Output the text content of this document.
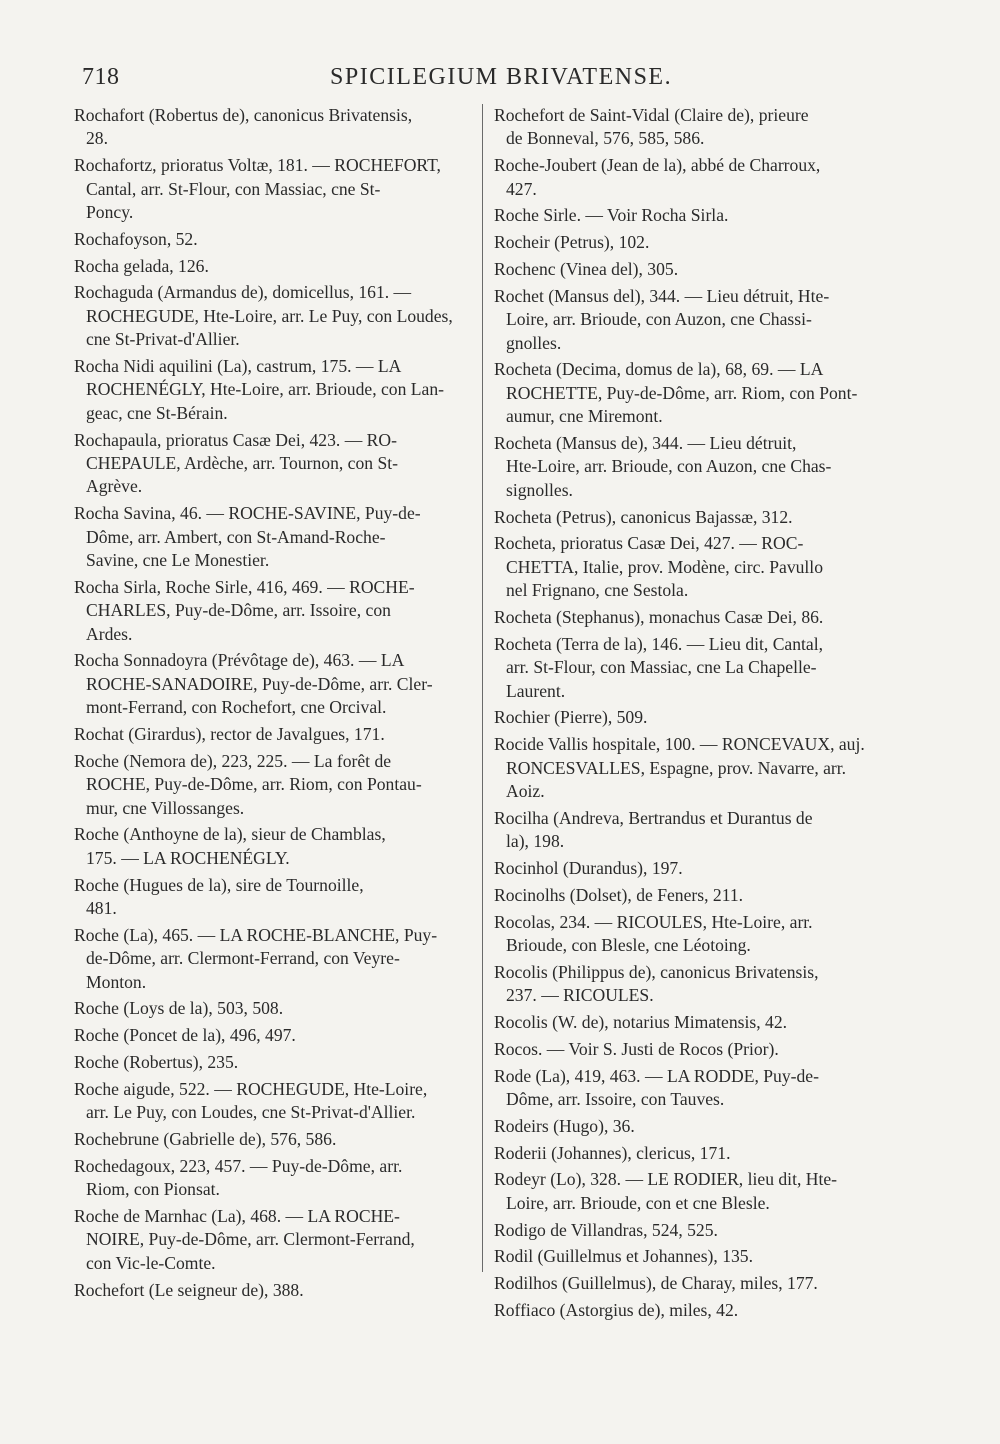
718	SPICILEGIUM BRIVATENSE.
Rochafort (Robertus de), canonicus Brivatensis,
28.
Rochafortz, prioratus Voltæ, 181. — ROCHEFORT,
Cantal, arr. St-Flour, con Massiac, cne St-
Poncy.
Rochafoyson, 52.
Rocha gelada, 126.
Rochaguda (Armandus de), domicellus, 161. —
ROCHEGUDE, Hte-Loire, arr. Le Puy, con Loudes,
cne St-Privat-d'Allier.
Rocha Nidi aquilini (La), castrum, 175. — LA
ROCHENÉGLY, Hte-Loire, arr. Brioude, con Lan-
geac, cne St-Bérain.
Rochapaula, prioratus Casæ Dei, 423. — RO-
CHEPAULE, Ardèche, arr. Tournon, con St-
Agrève.
Rocha Savina, 46. — ROCHE-SAVINE, Puy-de-
Dôme, arr. Ambert, con St-Amand-Roche-
Savine, cne Le Monestier.
Rocha Sirla, Roche Sirle, 416, 469. — ROCHE-
CHARLES, Puy-de-Dôme, arr. Issoire, con
Ardes.
Rocha Sonnadoyra (Prévôtage de), 463. — LA
ROCHE-SANADOIRE, Puy-de-Dôme, arr. Cler-
mont-Ferrand, con Rochefort, cne Orcival.
Rochat (Girardus), rector de Javalgues, 171.
Roche (Nemora de), 223, 225. — La forêt de
ROCHE, Puy-de-Dôme, arr. Riom, con Pontau-
mur, cne Villossanges.
Roche (Anthoyne de la), sieur de Chamblas,
175. — LA ROCHENÉGLY.
Roche (Hugues de la), sire de Tournoille,
481.
Roche (La), 465. — LA ROCHE-BLANCHE, Puy-
de-Dôme, arr. Clermont-Ferrand, con Veyre-
Monton.
Roche (Loys de la), 503, 508.
Roche (Poncet de la), 496, 497.
Roche (Robertus), 235.
Roche aigude, 522. — ROCHEGUDE, Hte-Loire,
arr. Le Puy, con Loudes, cne St-Privat-d'Allier.
Rochebrune (Gabrielle de), 576, 586.
Rochedagoux, 223, 457. — Puy-de-Dôme, arr.
Riom, con Pionsat.
Roche de Marnhac (La), 468. — LA ROCHE-
NOIRE, Puy-de-Dôme, arr. Clermont-Ferrand,
con Vic-le-Comte.
Rochefort (Le seigneur de), 388.
Rochefort de Saint-Vidal (Claire de), prieure
de Bonneval, 576, 585, 586.
Roche-Joubert (Jean de la), abbé de Charroux,
427.
Roche Sirle. — Voir Rocha Sirla.
Rocheir (Petrus), 102.
Rochenc (Vinea del), 305.
Rochet (Mansus del), 344. — Lieu détruit, Hte-
Loire, arr. Brioude, con Auzon, cne Chassi-
gnolles.
Rocheta (Decima, domus de la), 68, 69. — LA
ROCHETTE, Puy-de-Dôme, arr. Riom, con Pont-
aumur, cne Miremont.
Rocheta (Mansus de), 344. — Lieu détruit,
Hte-Loire, arr. Brioude, con Auzon, cne Chas-
signolles.
Rocheta (Petrus), canonicus Bajassæ, 312.
Rocheta, prioratus Casæ Dei, 427. — ROC-
CHETTA, Italie, prov. Modène, circ. Pavullo
nel Frignano, cne Sestola.
Rocheta (Stephanus), monachus Casæ Dei, 86.
Rocheta (Terra de la), 146. — Lieu dit, Cantal,
arr. St-Flour, con Massiac, cne La Chapelle-
Laurent.
Rochier (Pierre), 509.
Rocide Vallis hospitale, 100. — RONCEVAUX, auj.
RONCESVALLES, Espagne, prov. Navarre, arr.
Aoiz.
Rocilha (Andreva, Bertrandus et Durantus de
la), 198.
Rocinhol (Durandus), 197.
Rocinolhs (Dolset), de Feners, 211.
Rocolas, 234. — RICOULES, Hte-Loire, arr.
Brioude, con Blesle, cne Léotoing.
Rocolis (Philippus de), canonicus Brivatensis,
237. — RICOULES.
Rocolis (W. de), notarius Mimatensis, 42.
Rocos. — Voir S. Justi de Rocos (Prior).
Rode (La), 419, 463. — LA RODDE, Puy-de-
Dôme, arr. Issoire, con Tauves.
Rodeirs (Hugo), 36.
Roderii (Johannes), clericus, 171.
Rodeyr (Lo), 328. — LE RODIER, lieu dit, Hte-
Loire, arr. Brioude, con et cne Blesle.
Rodigo de Villandras, 524, 525.
Rodil (Guillelmus et Johannes), 135.
Rodilhos (Guillelmus), de Charay, miles, 177.
Roffiaco (Astorgius de), miles, 42.
